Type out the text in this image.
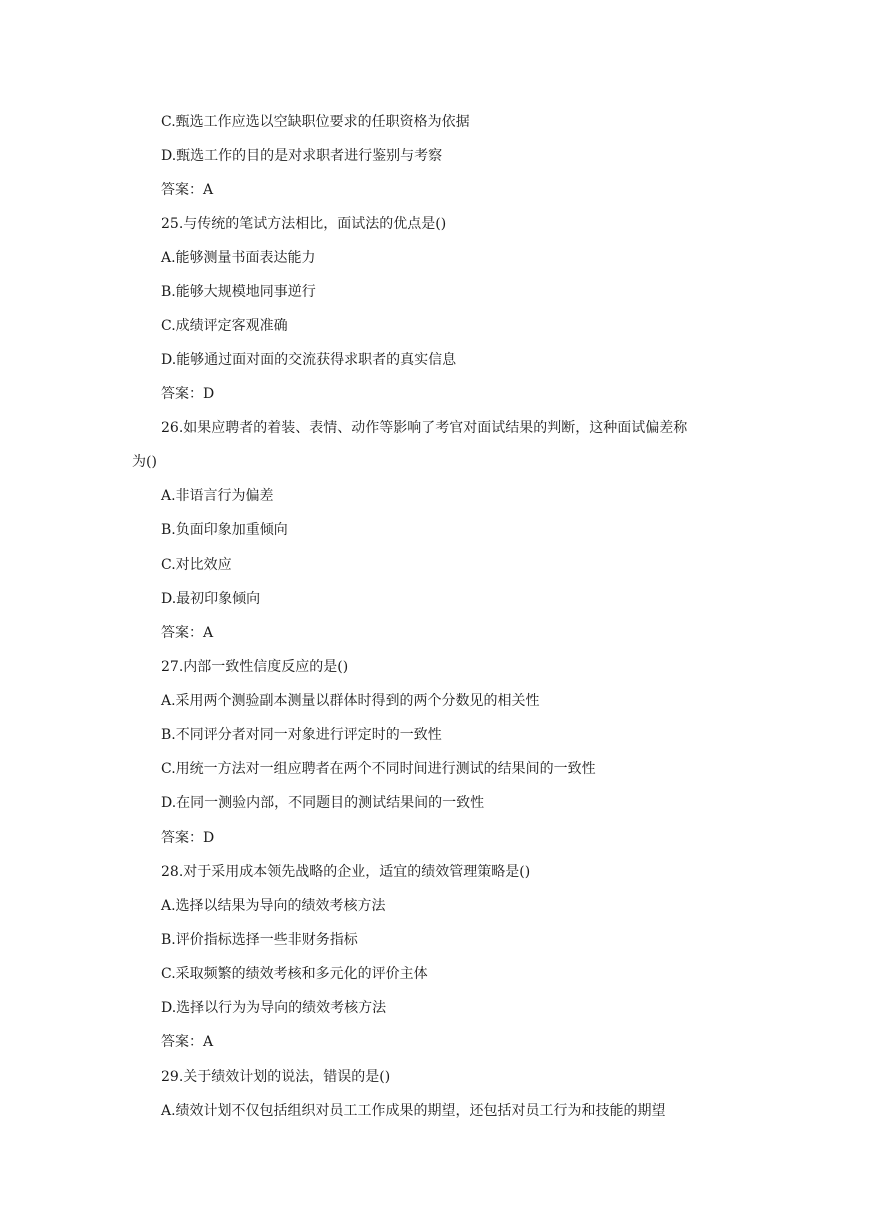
C.甄选工作应选以空缺职位要求的任职资格为依据
D.甄选工作的目的是对求职者进行鉴别与考察
答案：A
25.与传统的笔试方法相比，面试法的优点是()
A.能够测量书面表达能力
B.能够大规模地同事逆行
C.成绩评定客观准确
D.能够通过面对面的交流获得求职者的真实信息
答案：D
26.如果应聘者的着装、表情、动作等影响了考官对面试结果的判断，这种面试偏差称
为()
A.非语言行为偏差
B.负面印象加重倾向
C.对比效应
D.最初印象倾向
答案：A
27.内部一致性信度反应的是()
A.采用两个测验副本测量以群体时得到的两个分数见的相关性
B.不同评分者对同一对象进行评定时的一致性
C.用统一方法对一组应聘者在两个不同时间进行测试的结果间的一致性
D.在同一测验内部，不同题目的测试结果间的一致性
答案：D
28.对于采用成本领先战略的企业，适宜的绩效管理策略是()
A.选择以结果为导向的绩效考核方法
B.评价指标选择一些非财务指标
C.采取频繁的绩效考核和多元化的评价主体
D.选择以行为为导向的绩效考核方法
答案：A
29.关于绩效计划的说法，错误的是()
A.绩效计划不仅包括组织对员工工作成果的期望，还包括对员工行为和技能的期望
